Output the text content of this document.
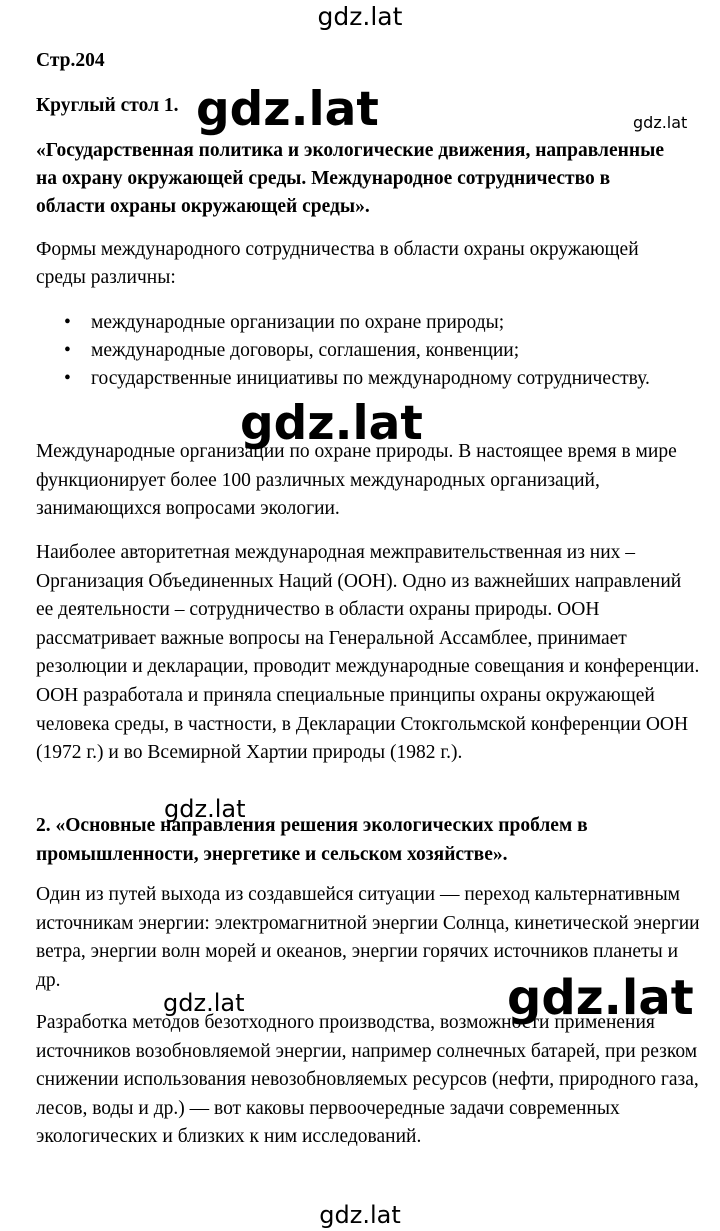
Стр.204
Круглый стол 1.
«Государственная политика и экологические движения, направленные на охрану окружающей среды. Международное сотрудничество в области охраны окружающей среды».
Формы международного сотрудничества в области охраны окружающей среды различны:
• международные организации по охране природы;
• международные договоры, соглашения, конвенции;
• государственные инициативы по международному сотрудничеству.
Международные организации по охране природы. В настоящее время в мире функционирует более 100 различных международных организаций, занимающихся вопросами экологии.
Наиболее авторитетная международная межправительственная из них – Организация Объединенных Наций (ООН). Одно из важнейших направлений ее деятельности – сотрудничество в области охраны природы. ООН рассматривает важные вопросы на Генеральной Ассамблее, принимает резолюции и декларации, проводит международные совещания и конференции. ООН разработала и приняла специальные принципы охраны окружающей человека среды, в частности, в Декларации Стокгольмской конференции ООН (1972 г.) и во Всемирной Хартии природы (1982 г.).
2. «Основные направления решения экологических проблем в промышленности, энергетике и сельском хозяйстве».
Один из путей выхода из создавшейся ситуации — переход кальтернативным источникам энергии: электромагнитной энергии Солнца, кинетической энергии ветра, энергии волн морей и океанов, энергии горячих источников планеты и др.
Разработка методов безотходного производства, возможности применения источников возобновляемой энергии, например солнечных батарей, при резком снижении использования невозобновляемых ресурсов (нефти, природного газа, лесов, воды и др.) — вот каковы первоочередные задачи современных экологических и близких к ним исследований.
gdz.lat
gdz.lat	gdz.lat
gdz.lat
gdz.lat
gdz.lat	gdz.lat
gdz.lat
